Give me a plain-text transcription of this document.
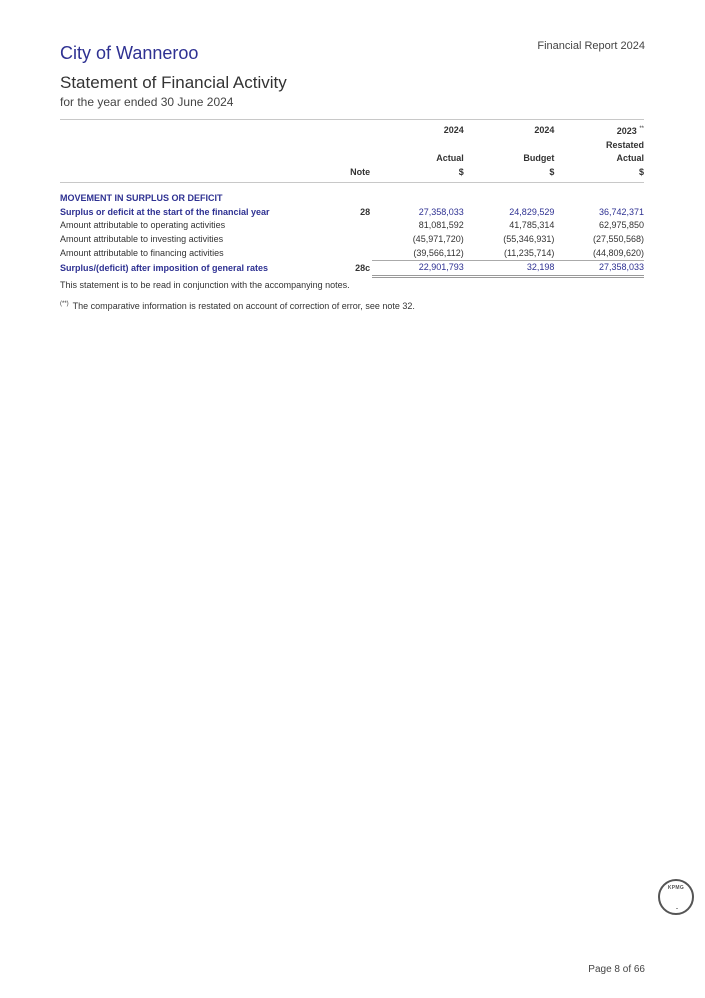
Financial Report 2024
City of Wanneroo
Statement of Financial Activity
for the year ended 30 June 2024
		2024	2024	2023 **
				Restated
		Actual	Budget	Actual
	Note	$	$	$

MOVEMENT IN SURPLUS OR DEFICIT				
Surplus or deficit at the start of the financial year	28	27,358,033	24,829,529	36,742,371
Amount attributable to operating activities		81,081,592	41,785,314	62,975,850
Amount attributable to investing activities		(45,971,720)	(55,346,931)	(27,550,568)
Amount attributable to financing activities		(39,566,112)	(11,235,714)	(44,809,620)
Surplus/(deficit) after imposition of general rates	28c	22,901,793	32,198	27,358,033
This statement is to be read in conjunction with the accompanying notes.
(**) The comparative information is restated on account of correction of error, see note 32.
KPMG
Page 8 of 66
